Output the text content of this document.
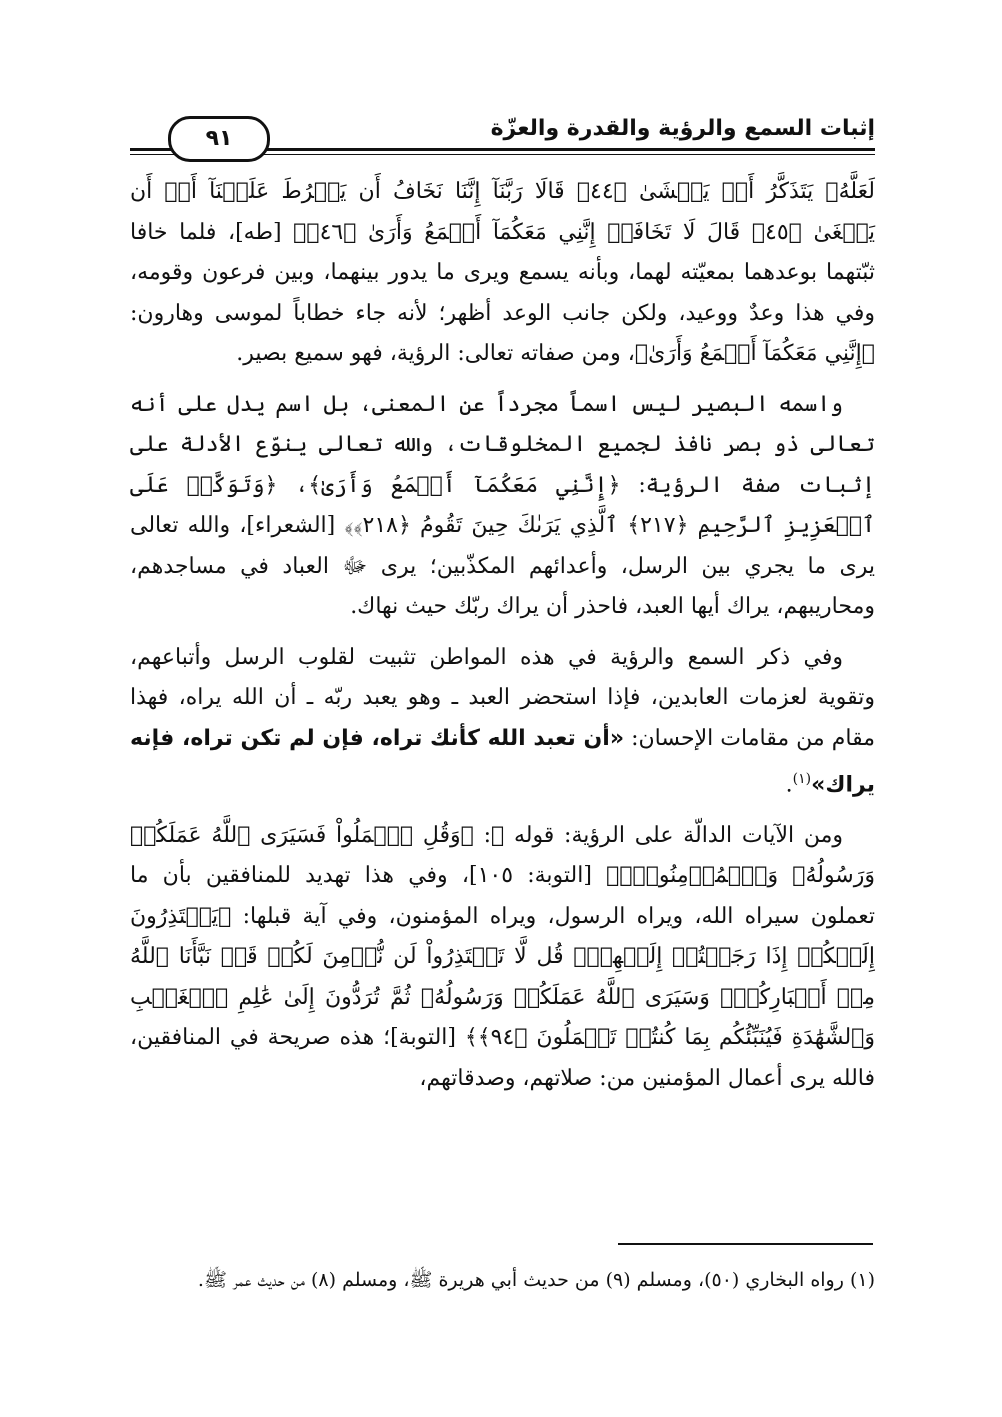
إثبات السمع والرؤية والقدرة والعزّة
٩١

لَعَلَّهُۥ يَتَذَكَّرُ أَوۡ يَخۡشَىٰ ﴿٤٤﴾ قَالَا رَبَّنَآ إِنَّنَا نَخَافُ أَن يَفۡرُطَ عَلَيۡنَآ أَوۡ أَن يَطۡغَىٰ ﴿٤٥﴾ قَالَ لَا تَخَافَآۖ إِنَّنِي مَعَكُمَآ أَسۡمَعُ وَأَرَىٰ ﴿٤٦﴾﴾ [طه]، فلما خافا ثبّتهما بوعدهما بمعيّته لهما، وبأنه يسمع ويرى ما يدور بينهما، وبين فرعون وقومه، وفي هذا وعدٌ ووعيد، ولكن جانب الوعد أظهر؛ لأنه جاء خطاباً لموسى وهارون: ﴿إِنَّنِي مَعَكُمَآ أَسۡمَعُ وَأَرَىٰ﴾، ومن صفاته تعالى: الرؤية، فهو سميع بصير.

واسمه البصير ليس اسماً مجرداً عن المعنى، بل اسم يدل على أنه تعالى ذو بصر نافذ لجميع المخلوقات، والله تعالى ينوّع الأدلة على إثبات صفة الرؤية: ﴿إِنَّنِي مَعَكُمَآ أَسۡمَعُ وَأَرَىٰ﴾، ﴿وَتَوَكَّلۡ عَلَى ٱلۡعَزِيزِ ٱلرَّحِيمِ ﴿٢١٧﴾ ٱلَّذِي يَرَىٰكَ حِينَ تَقُومُ ﴿٢١٨﴾﴾ [الشعراء]، والله تعالى يرى ما يجري بين الرسل، وأعدائهم المكذّبين؛ يرى ﷻ العباد في مساجدهم، ومحاريبهم، يراك أيها العبد، فاحذر أن يراك ربّك حيث نهاك.

وفي ذكر السمع والرؤية في هذه المواطن تثبيت لقلوب الرسل وأتباعهم، وتقوية لعزمات العابدين، فإذا استحضر العبد ـ وهو يعبد ربّه ـ أن الله يراه، فهذا مقام من مقامات الإحسان: «أن تعبد الله كأنك تراه، فإن لم تكن تراه، فإنه يراك»$^{(١)}$.

ومن الآيات الدالّة على الرؤية: قوله ﷻ: ﴿وَقُلِ ٱعۡمَلُواْ فَسَيَرَى ٱللَّهُ عَمَلَكُمۡ وَرَسُولُهُۥ وَٱلۡمُؤۡمِنُونَۖ﴾ [التوبة: ١٠٥]، وفي هذا تهديد للمنافقين بأن ما تعملون سيراه الله، ويراه الرسول، ويراه المؤمنون، وفي آية قبلها: ﴿يَعۡتَذِرُونَ إِلَيۡكُمۡ إِذَا رَجَعۡتُمۡ إِلَيۡهِمۡۚ قُل لَّا تَعۡتَذِرُواْ لَن نُّؤۡمِنَ لَكُمۡ قَدۡ نَبَّأَنَا ٱللَّهُ مِنۡ أَخۡبَارِكُمۡۚ وَسَيَرَى ٱللَّهُ عَمَلَكُمۡ وَرَسُولُهُۥ ثُمَّ تُرَدُّونَ إِلَىٰ عَٰلِمِ ٱلۡغَيۡبِ وَٱلشَّهَٰدَةِ فَيُنَبِّئُكُم بِمَا كُنتُمۡ تَعۡمَلُونَ ﴿٩٤﴾﴾ [التوبة]؛ هذه صريحة في المنافقين، فالله يرى أعمال المؤمنين من: صلاتهم، وصدقاتهم،

(١) رواه البخاري (٥٠)، ومسلم (٩) من حديث أبي هريرة ﷺ، ومسلم (٨) من حديث عمر ﷺ.
